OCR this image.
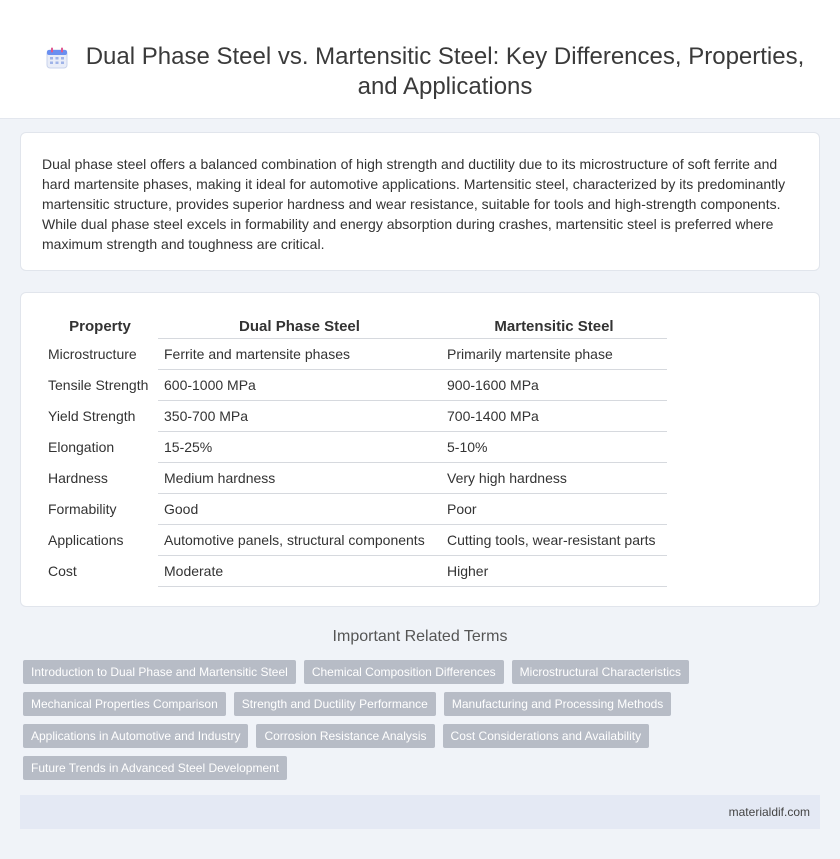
Dual Phase Steel vs. Martensitic Steel: Key Differences, Properties, and Applications

Dual phase steel offers a balanced combination of high strength and ductility due to its microstructure of soft ferrite and hard martensite phases, making it ideal for automotive applications. Martensitic steel, characterized by its predominantly martensitic structure, provides superior hardness and wear resistance, suitable for tools and high-strength components. While dual phase steel excels in formability and energy absorption during crashes, martensitic steel is preferred where maximum strength and toughness are critical.

Property	Dual Phase Steel	Martensitic Steel
Microstructure	Ferrite and martensite phases	Primarily martensite phase
Tensile Strength	600-1000 MPa	900-1600 MPa
Yield Strength	350-700 MPa	700-1400 MPa
Elongation	15-25%	5-10%
Hardness	Medium hardness	Very high hardness
Formability	Good	Poor
Applications	Automotive panels, structural components	Cutting tools, wear-resistant parts
Cost	Moderate	Higher
Important Related Terms
Introduction to Dual Phase and Martensitic Steel	Chemical Composition Differences	Microstructural Characteristics
Mechanical Properties Comparison	Strength and Ductility Performance	Manufacturing and Processing Methods
Applications in Automotive and Industry	Corrosion Resistance Analysis	Cost Considerations and Availability
Future Trends in Advanced Steel Development
materialdif.com
